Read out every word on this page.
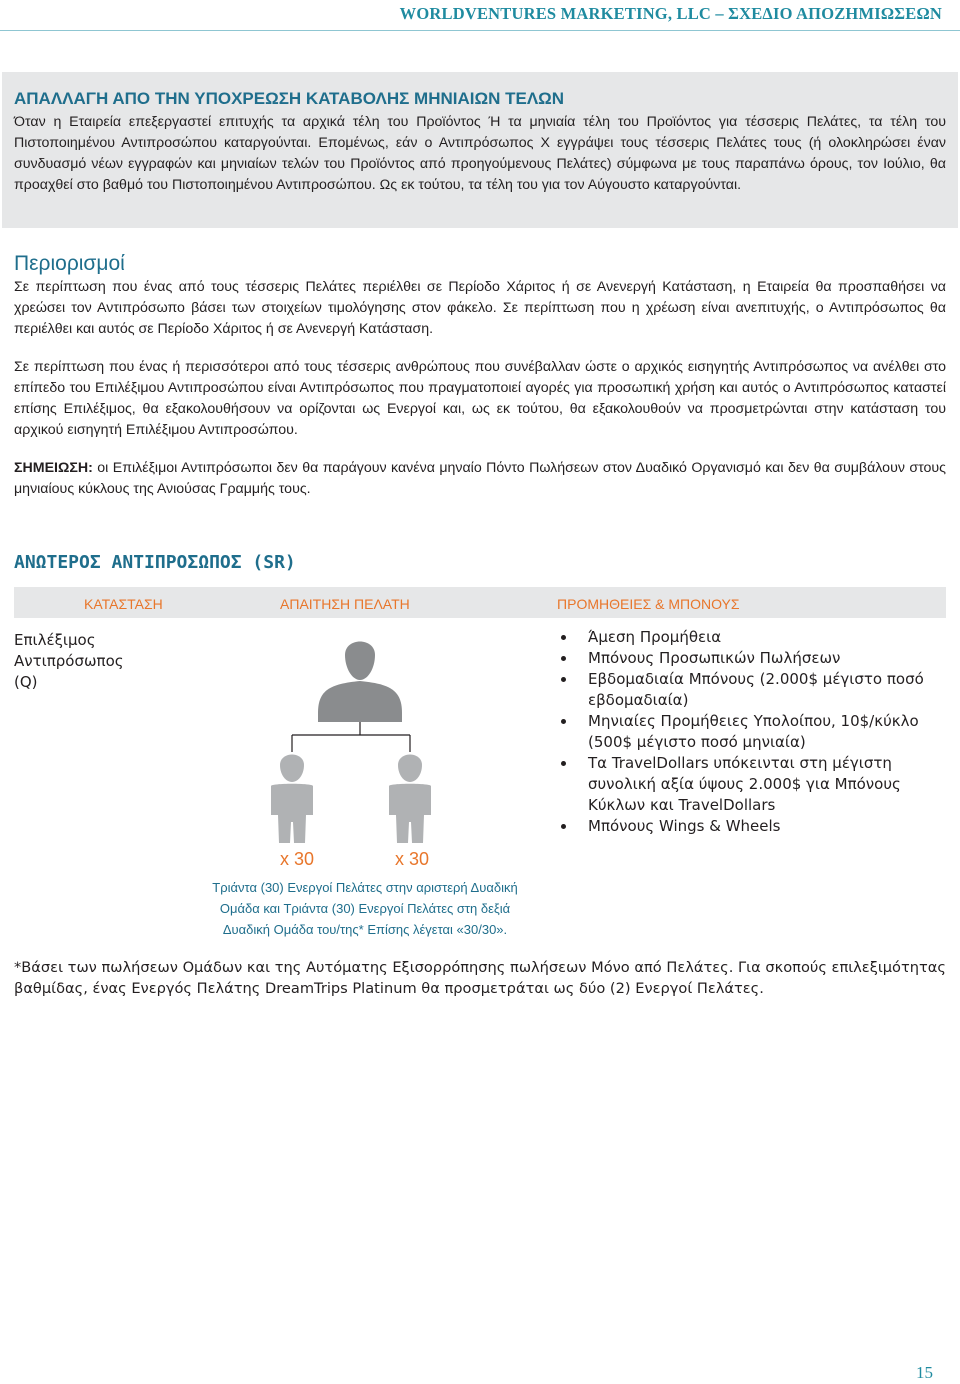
WORLDVENTURES MARKETING, LLC – ΣΧΕΔΙΟ ΑΠΟΖΗΜΙΩΣΕΩΝ
ΑΠΑΛΛΑΓΗ ΑΠΟ ΤΗΝ ΥΠΟΧΡΕΩΣΗ ΚΑΤΑΒΟΛΗΣ ΜΗΝΙΑΙΩΝ ΤΕΛΩΝ

Όταν η Εταιρεία επεξεργαστεί επιτυχής τα αρχικά τέλη του Προϊόντος Ή τα μηνιαία τέλη του Προϊόντος για τέσσερις Πελάτες, τα τέλη του Πιστοποιημένου Αντιπροσώπου καταργούνται. Επομένως, εάν ο Αντιπρόσωπος Χ εγγράψει τους τέσσερις Πελάτες τους (ή ολοκληρώσει έναν συνδυασμό νέων εγγραφών και μηνιαίων τελών του Προϊόντος από προηγούμενους Πελάτες) σύμφωνα με τους παραπάνω όρους, τον Ιούλιο, θα προαχθεί στο βαθμό του Πιστοποιημένου Αντιπροσώπου. Ως εκ τούτου, τα τέλη του για τον Αύγουστο καταργούνται.

Περιορισμοί

Σε περίπτωση που ένας από τους τέσσερις Πελάτες περιέλθει σε Περίοδο Χάριτος ή σε Ανενεργή Κατάσταση, η Εταιρεία θα προσπαθήσει να χρεώσει τον Αντιπρόσωπο βάσει των στοιχείων τιμολόγησης στον φάκελο. Σε περίπτωση που η χρέωση είναι ανεπιτυχής, ο Αντιπρόσωπος θα περιέλθει και αυτός σε Περίοδο Χάριτος ή σε Ανενεργή Κατάσταση.

Σε περίπτωση που ένας ή περισσότεροι από τους τέσσερις ανθρώπους που συνέβαλλαν ώστε ο αρχικός εισηγητής Αντιπρόσωπος να ανέλθει στο επίπεδο του Επιλέξιμου Αντιπροσώπου είναι Αντιπρόσωπος που πραγματοποιεί αγορές για προσωπική χρήση και αυτός ο Αντιπρόσωπος καταστεί επίσης Επιλέξιμος, θα εξακολουθήσουν να ορίζονται ως Ενεργοί και, ως εκ τούτου, θα εξακολουθούν να προσμετρώνται στην κατάσταση του αρχικού εισηγητή Επιλέξιμου Αντιπροσώπου.

ΣΗΜΕΙΩΣΗ: οι Επιλέξιμοι Αντιπρόσωποι δεν θα παράγουν κανένα μηναίο Πόντο Πωλήσεων στον Δυαδικό Οργανισμό και δεν θα συμβάλουν στους μηνιαίους κύκλους της Ανιούσας Γραμμής τους.

ΑΝΩΤΕΡΟΣ ΑΝΤΙΠΡΟΣΩΠΟΣ (SR)
ΚΑΤΑΣΤΑΣΗ	ΑΠΑΙΤΗΣΗ ΠΕΛΑΤΗ	ΠΡΟΜΗΘΕΙΕΣ & ΜΠΟΝΟΥΣ
Επιλέξιμος
Αντιπρόσωπος
(Q)
x 30	x 30
Τριάντα (30) Ενεργοί Πελάτες στην αριστερή Δυαδική
Ομάδα και Τριάντα (30) Ενεργοί Πελάτες στη δεξιά
Δυαδική Ομάδα του/της* Επίσης λέγεται «30/30».
Άμεση Προμήθεια
Μπόνους Προσωπικών Πωλήσεων
Εβδομαδιαία Μπόνους (2.000$ μέγιστο ποσό εβδομαδιαία)
Μηνιαίες Προμήθειες Υπολοίπου, 10$/κύκλο (500$ μέγιστο ποσό μηνιαία)
Τα TravelDollars υπόκεινται στη μέγιστη συνολική αξία ύψους 2.000$ για Μπόνους Κύκλων και TravelDollars
Μπόνους Wings & Wheels

*Βάσει των πωλήσεων Ομάδων και της Αυτόματης Εξισορρόπησης πωλήσεων Μόνο από Πελάτες. Για σκοπούς επιλεξιμότητας βαθμίδας, ένας Ενεργός Πελάτης DreamTrips Platinum θα προσμετράται ως δύο (2) Ενεργοί Πελάτες.

15
